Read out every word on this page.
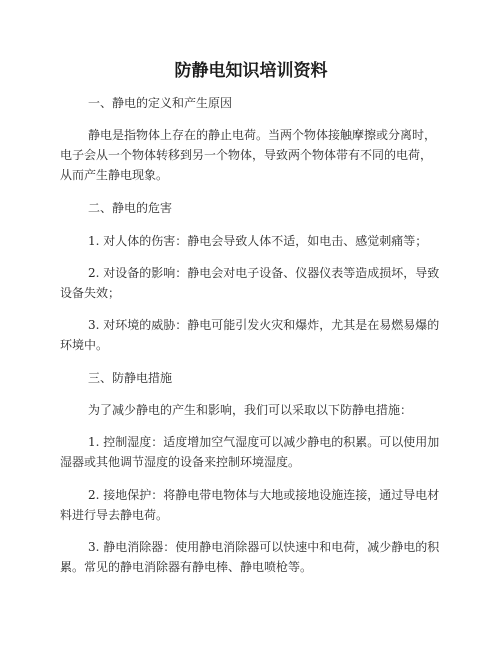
防静电知识培训资料
一、静电的定义和产生原因
静电是指物体上存在的静止电荷。当两个物体接触摩擦或分离时，
电子会从一个物体转移到另一个物体，导致两个物体带有不同的电荷，
从而产生静电现象。
二、静电的危害
1. 对人体的伤害：静电会导致人体不适，如电击、感觉刺痛等；
2. 对设备的影响：静电会对电子设备、仪器仪表等造成损坏，导致
设备失效；
3. 对环境的威胁：静电可能引发火灾和爆炸，尤其是在易燃易爆的
环境中。
三、防静电措施
为了减少静电的产生和影响，我们可以采取以下防静电措施：
1. 控制湿度：适度增加空气湿度可以减少静电的积累。可以使用加
湿器或其他调节湿度的设备来控制环境湿度。
2. 接地保护：将静电带电物体与大地或接地设施连接，通过导电材
料进行导去静电荷。
3. 静电消除器：使用静电消除器可以快速中和电荷，减少静电的积
累。常见的静电消除器有静电棒、静电喷枪等。
